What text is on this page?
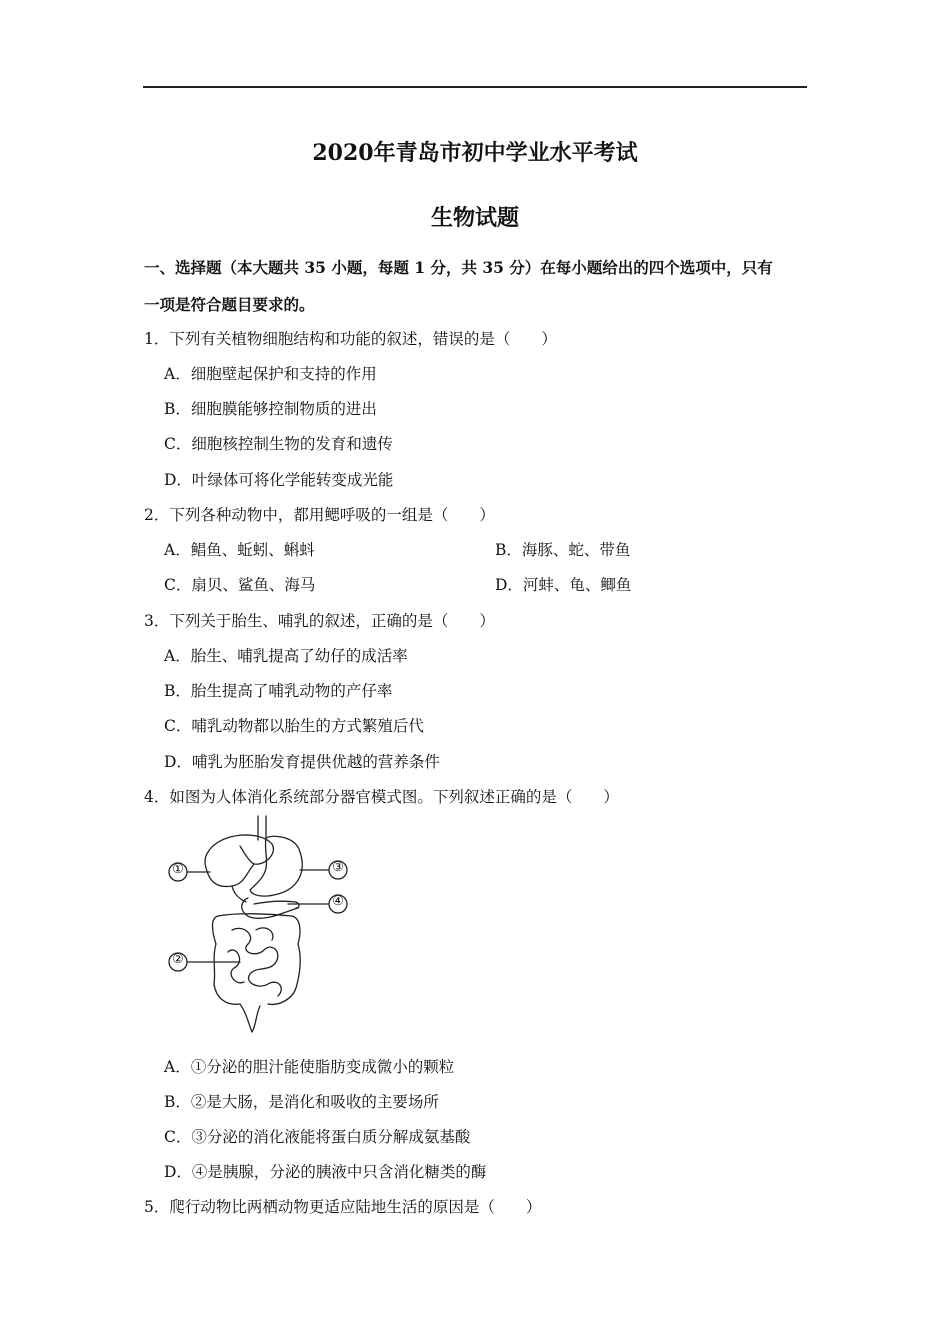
2020年青岛市初中学业水平考试
生物试题
一、选择题（本大题共 35 小题，每题 1 分，共 35 分）在每小题给出的四个选项中，只有
一项是符合题目要求的。
1．下列有关植物细胞结构和功能的叙述，错误的是（　　）
A．细胞壁起保护和支持的作用
B．细胞膜能够控制物质的进出
C．细胞核控制生物的发育和遗传
D．叶绿体可将化学能转变成光能
2．下列各种动物中，都用鳃呼吸的一组是（　　）
A．鲳鱼、蚯蚓、蝌蚪	B．海豚、蛇、带鱼
C．扇贝、鲨鱼、海马	D．河蚌、龟、鲫鱼
3．下列关于胎生、哺乳的叙述，正确的是（　　）
A．胎生、哺乳提高了幼仔的成活率
B．胎生提高了哺乳动物的产仔率
C．哺乳动物都以胎生的方式繁殖后代
D．哺乳为胚胎发育提供优越的营养条件
4．如图为人体消化系统部分器官模式图。下列叙述正确的是（　　）
①
②
③
④
A．①分泌的胆汁能使脂肪变成微小的颗粒
B．②是大肠，是消化和吸收的主要场所
C．③分泌的消化液能将蛋白质分解成氨基酸
D．④是胰腺，分泌的胰液中只含消化糖类的酶
5．爬行动物比两栖动物更适应陆地生活的原因是（　　）
